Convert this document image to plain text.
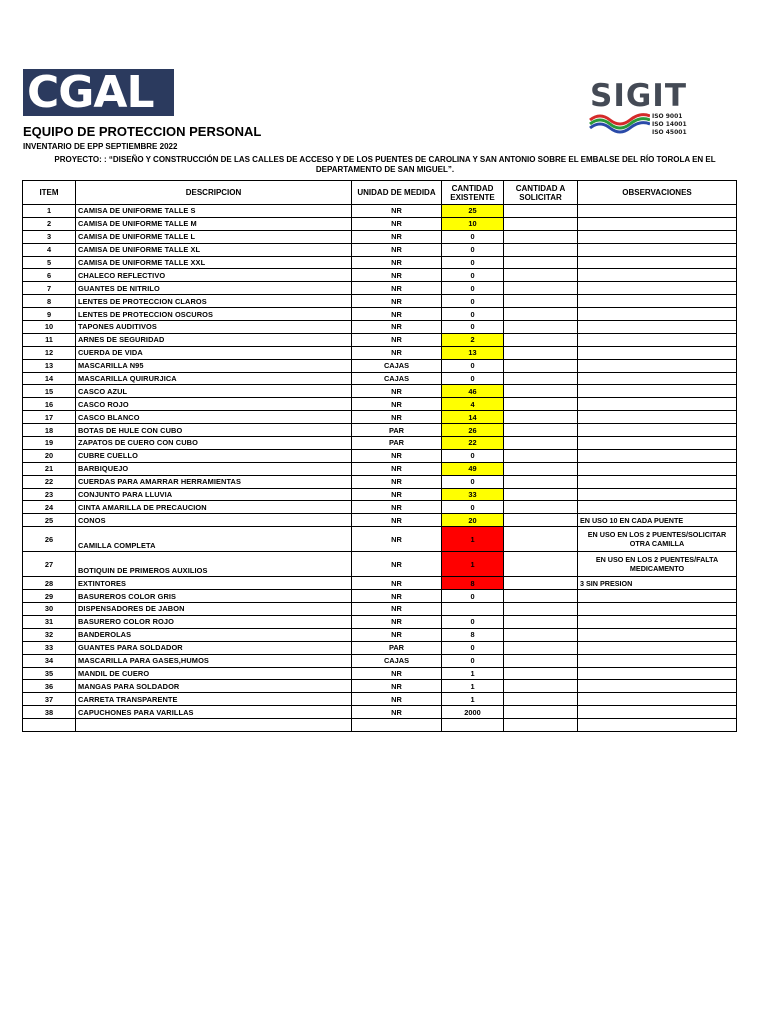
CGAL	SIGIT
ISO 9001
ISO 14001
ISO 45001
EQUIPO DE PROTECCION PERSONAL
INVENTARIO DE EPP SEPTIEMBRE 2022
PROYECTO: : “DISEÑO Y CONSTRUCCIÓN DE LAS CALLES DE ACCESO Y DE LOS PUENTES DE CAROLINA Y SAN ANTONIO SOBRE EL EMBALSE DEL RÍO TOROLA EN EL DEPARTAMENTO DE SAN MIGUEL”.
ITEM	DESCRIPCION	UNIDAD DE MEDIDA	CANTIDAD EXISTENTE	CANTIDAD A SOLICITAR	OBSERVACIONES
1	CAMISA DE UNIFORME TALLE S	NR	25		
2	CAMISA DE UNIFORME TALLE M	NR	10		
3	CAMISA DE UNIFORME TALLE L	NR	0		
4	CAMISA DE UNIFORME TALLE XL	NR	0		
5	CAMISA DE UNIFORME TALLE XXL	NR	0		
6	CHALECO REFLECTIVO	NR	0		
7	GUANTES DE NITRILO	NR	0		
8	LENTES DE PROTECCION CLAROS	NR	0		
9	LENTES DE PROTECCION OSCUROS	NR	0		
10	TAPONES AUDITIVOS	NR	0		
11	ARNES DE SEGURIDAD	NR	2		
12	CUERDA DE VIDA	NR	13		
13	MASCARILLA N95	CAJAS	0		
14	MASCARILLA QUIRURJICA	CAJAS	0		
15	CASCO AZUL	NR	46		
16	CASCO ROJO	NR	4		
17	CASCO BLANCO	NR	14		
18	BOTAS DE HULE CON CUBO	PAR	26		
19	ZAPATOS DE CUERO CON CUBO	PAR	22		
20	CUBRE CUELLO	NR	0		
21	BARBIQUEJO	NR	49		
22	CUERDAS PARA AMARRAR HERRAMIENTAS	NR	0		
23	CONJUNTO PARA LLUVIA	NR	33		
24	CINTA AMARILLA DE PRECAUCION	NR	0		
25	CONOS	NR	20		EN USO 10 EN CADA PUENTE
26	CAMILLA COMPLETA	NR	1		EN USO EN LOS 2 PUENTES/SOLICITAR OTRA CAMILLA
27	BOTIQUIN DE PRIMEROS AUXILIOS	NR	1		EN USO EN LOS 2 PUENTES/FALTA MEDICAMENTO
28	EXTINTORES	NR	8		3 SIN PRESION
29	BASUREROS COLOR GRIS	NR	0		
30	DISPENSADORES DE JABON	NR			
31	BASURERO COLOR ROJO	NR	0		
32	BANDEROLAS	NR	8		
33	GUANTES PARA SOLDADOR	PAR	0		
34	MASCARILLA PARA GASES,HUMOS	CAJAS	0		
35	MANDIL DE CUERO	NR	1		
36	MANGAS PARA SOLDADOR	NR	1		
37	CARRETA TRANSPARENTE	NR	1		
38	CAPUCHONES PARA VARILLAS	NR	2000		
